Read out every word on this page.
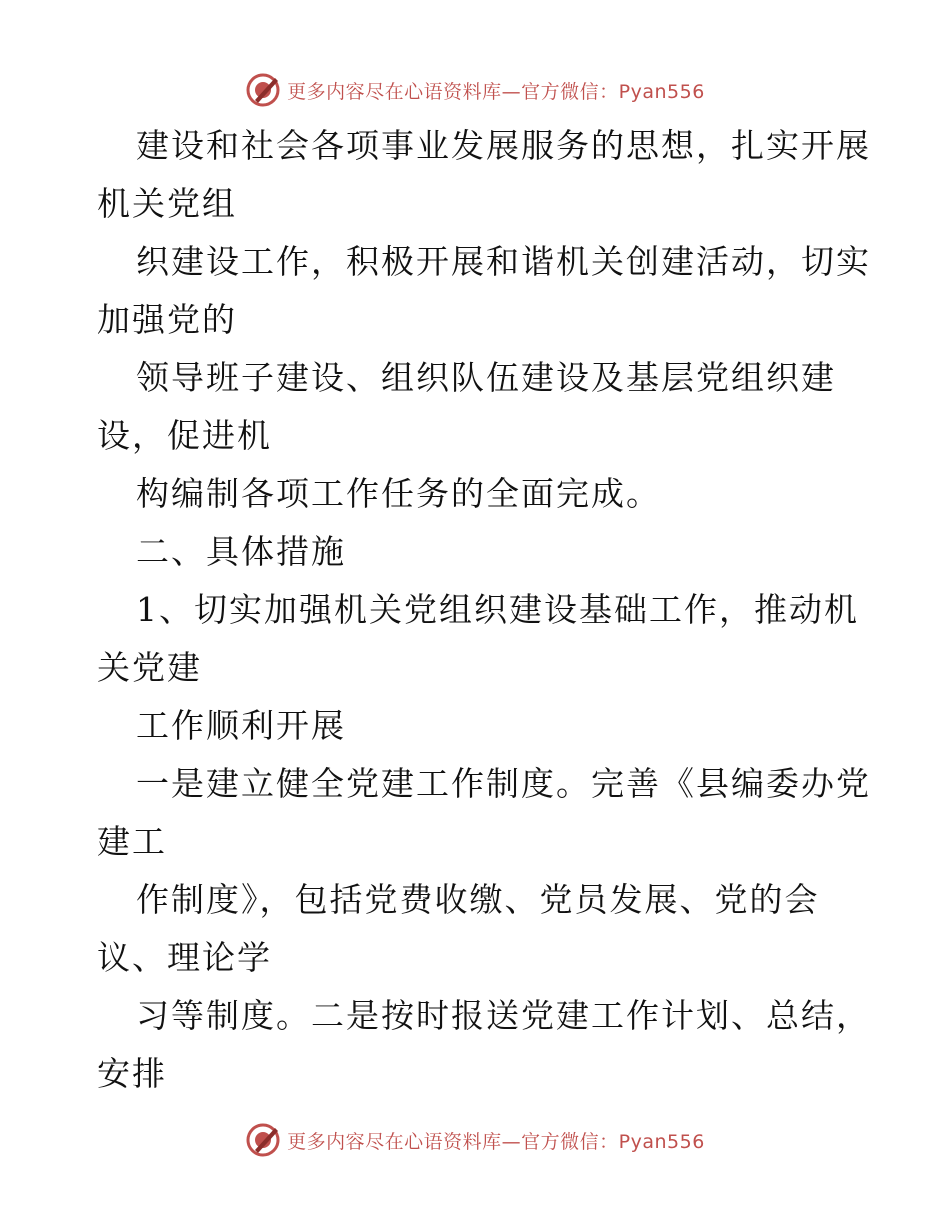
更多内容尽在心语资料库—官方微信：Pyan556
建设和社会各项事业发展服务的思想，扎实开展
机关党组
织建设工作，积极开展和谐机关创建活动，切实
加强党的
领导班子建设、组织队伍建设及基层党组织建
设，促进机
构编制各项工作任务的全面完成。
二、具体措施
1、切实加强机关党组织建设基础工作，推动机
关党建
工作顺利开展
一是建立健全党建工作制度。完善《县编委办党
建工
作制度》，包括党费收缴、党员发展、党的会
议、理论学
习等制度。二是按时报送党建工作计划、总结，
安排
更多内容尽在心语资料库—官方微信：Pyan556
